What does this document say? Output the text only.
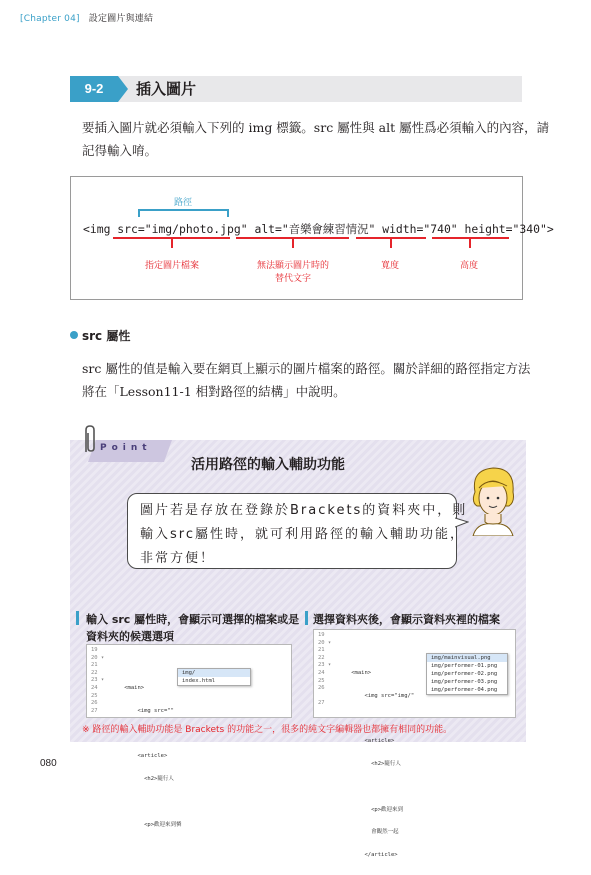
[Chapter 04] 設定圖片與連結
9-2	插入圖片
要插入圖片就必須輸入下列的 img 標籤。src 屬性與 alt 屬性爲必須輸入的內容，請
記得輸入唷。
路徑
<img src="img/photo.jpg" alt="音樂會練習情況" width="740" height="340">
指定圖片檔案	無法顯示圖片時的
替代文字
寬度	高度
src 屬性
src 屬性的值是輸入要在網頁上顯示的圖片檔案的路徑。關於詳細的路徑指定方法
將在「Lesson11-1 相對路徑的結構」中說明。
Point
活用路徑的輸入輔助功能
圖片若是存放在登錄於Brackets的資料夾中，則
輸入src屬性時，就可利用路徑的輸入輔助功能，
非常方便！
輸入 src 屬性時，會顯示可選擇的檔案或是
資料夾的候選選項
選擇資料夾後，會顯示資料夾裡的檔案
19
20 ▾
21
22
23 ▾
24
25
26
27

<main>

<img src=""

<article>

<h2>隨行人

<p>歡迎來到憐

img/
index.html
19
20 ▾
21
22
23 ▾
24
25
26

27

<main>

<img src="img/"

<article>

<h2>隨行人

<p>歡迎來到

會觀然一起

</article>

img/mainvisual.png
img/performer-01.png
img/performer-02.png
img/performer-03.png
img/performer-04.png
※ 路徑的輸入輔助功能是 Brackets 的功能之一，很多的純文字編輯器也都擁有相同的功能。
080
